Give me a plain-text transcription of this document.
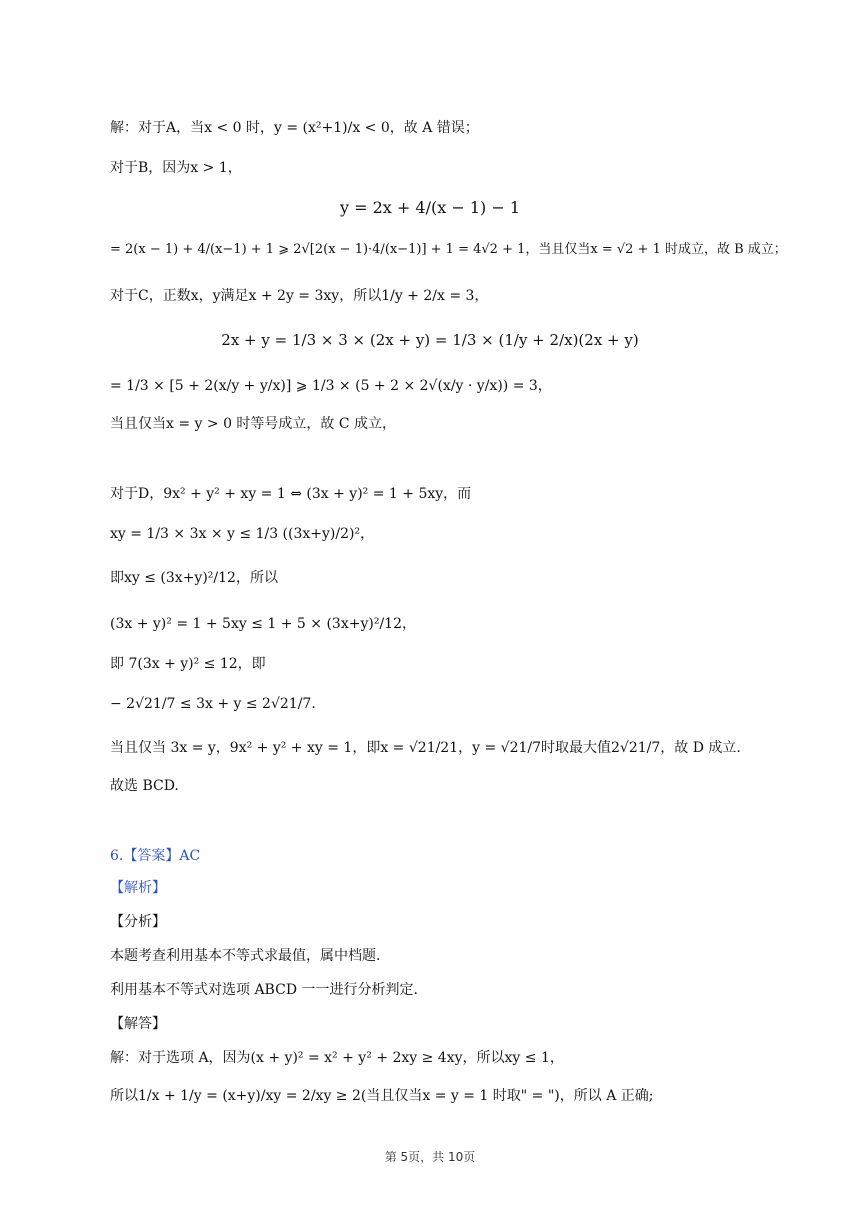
解：对于A，当x < 0 时，y = (x²+1)/x < 0，故 A 错误；
对于B，因为x > 1，
y = 2x + 4/(x − 1) − 1
= 2(x − 1) + 4/(x−1) + 1 ⩾ 2√[2(x − 1)·4/(x−1)] + 1 = 4√2 + 1，当且仅当x = √2 + 1 时成立，故 B 成立；
对于C，正数x，y满足x + 2y = 3xy，所以1/y + 2/x = 3，
2x + y = 1/3 × 3 × (2x + y) = 1/3 × (1/y + 2/x)(2x + y)
= 1/3 × [5 + 2(x/y + y/x)] ⩾ 1/3 × (5 + 2 × 2√(x/y · y/x)) = 3，
当且仅当x = y > 0 时等号成立，故 C 成立，
对于D，9x² + y² + xy = 1 ⇔ (3x + y)² = 1 + 5xy，而
xy = 1/3 × 3x × y ≤ 1/3 ((3x+y)/2)²，
即xy ≤ (3x+y)²/12，所以
(3x + y)² = 1 + 5xy ≤ 1 + 5 × (3x+y)²/12，
即 7(3x + y)² ≤ 12，即
− 2√21/7 ≤ 3x + y ≤ 2√21/7.
当且仅当 3x = y，9x² + y² + xy = 1，即x = √21/21，y = √21/7时取最大值2√21/7，故 D 成立.
故选 BCD.
6.【答案】AC
【解析】
【分析】
本题考查利用基本不等式求最值，属中档题.
利用基本不等式对选项 ABCD 一一进行分析判定.
【解答】
解：对于选项 A，因为(x + y)² = x² + y² + 2xy ≥ 4xy，所以xy ≤ 1，
所以1/x + 1/y = (x+y)/xy = 2/xy ≥ 2(当且仅当x = y = 1 时取" = ")，所以 A 正确;
第 5页，共 10页
